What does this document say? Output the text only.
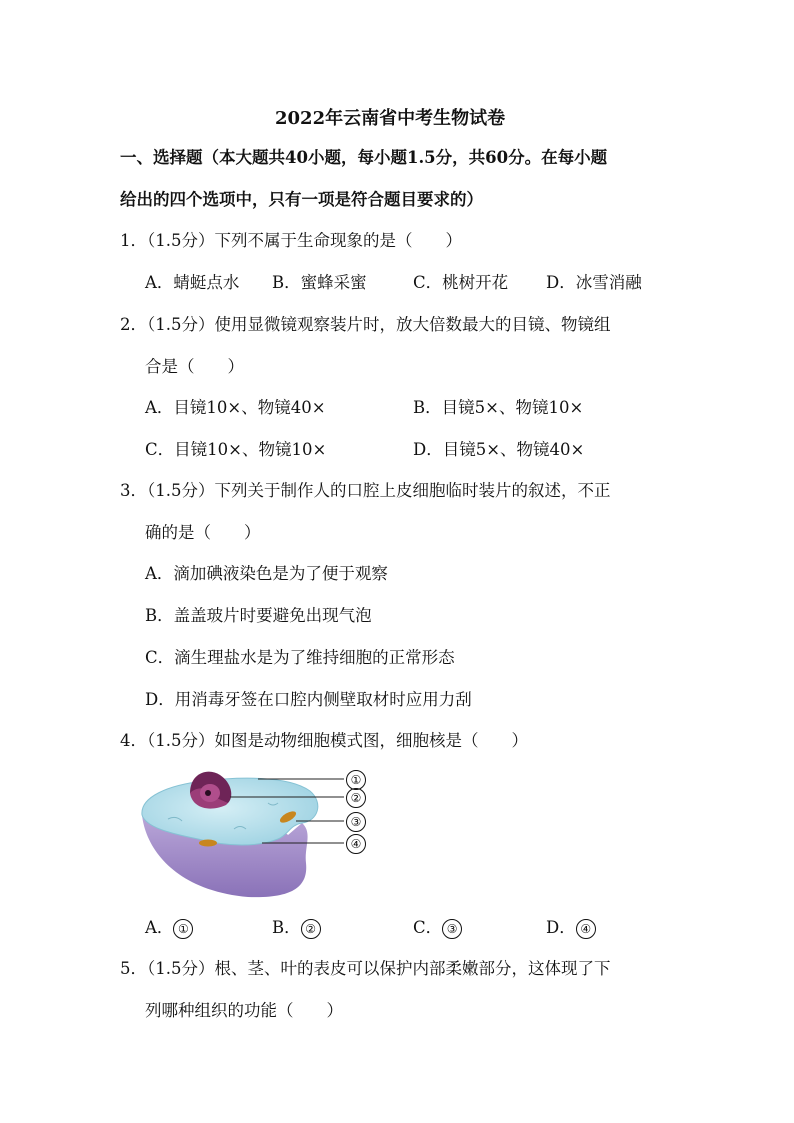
2022年云南省中考生物试卷
一、选择题（本大题共40小题，每小题1.5分，共60分。在每小题
给出的四个选项中，只有一项是符合题目要求的）
1．（1.5分）下列不属于生命现象的是（　　）
A．蜻蜓点水 B．蜜蜂采蜜	C．桃树开花 D．冰雪消融
2．（1.5分）使用显微镜观察装片时，放大倍数最大的目镜、物镜组
合是（　　）
A．目镜10×、物镜40×	B．目镜5×、物镜10×
C．目镜10×、物镜10×	D．目镜5×、物镜40×
3．（1.5分）下列关于制作人的口腔上皮细胞临时装片的叙述，不正
确的是（　　）
A．滴加碘液染色是为了便于观察
B．盖盖玻片时要避免出现气泡
C．滴生理盐水是为了维持细胞的正常形态
D．用消毒牙签在口腔内侧壁取材时应用力刮
4．（1.5分）如图是动物细胞模式图，细胞核是（　　）
①
②
③
④
A． ①	B． ②	C． ③	D． ④
5．（1.5分）根、茎、叶的表皮可以保护内部柔嫩部分，这体现了下
列哪种组织的功能（　　）
